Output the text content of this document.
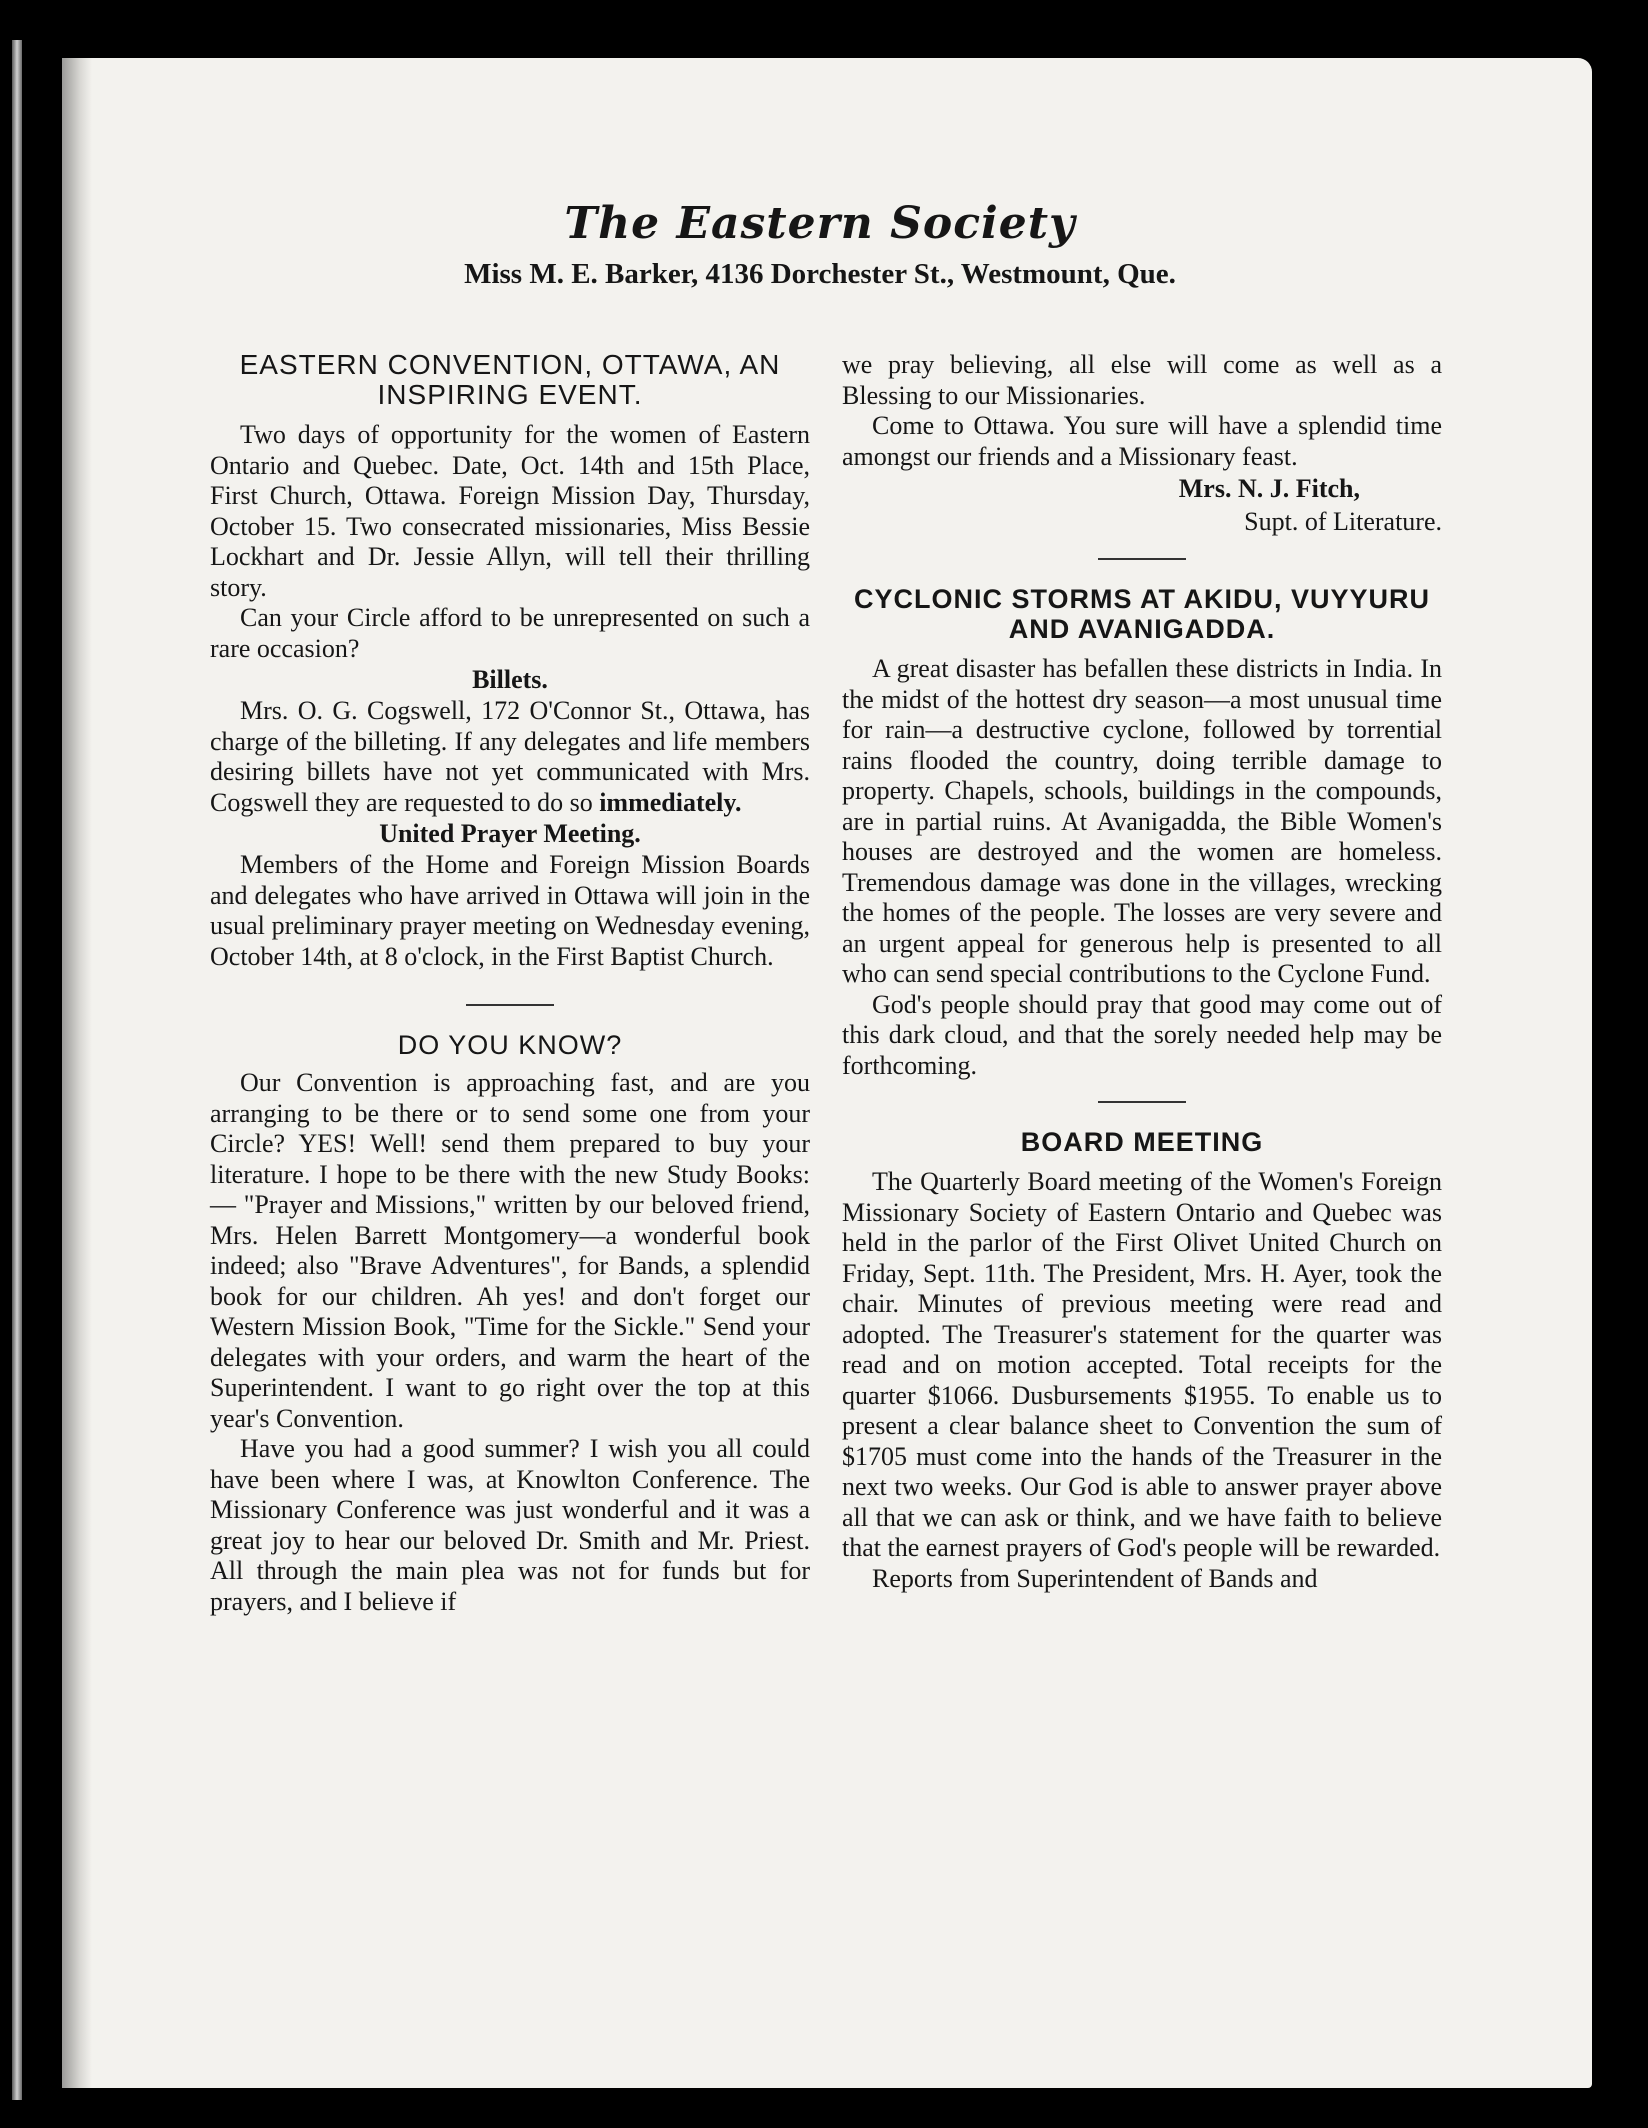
The Eastern Society
Miss M. E. Barker, 4136 Dorchester St., Westmount, Que.
EASTERN CONVENTION, OTTAWA, AN INSPIRING EVENT.

Two days of opportunity for the women of Eastern Ontario and Quebec. Date, Oct. 14th and 15th Place, First Church, Ottawa. Foreign Mission Day, Thursday, October 15. Two consecrated missionaries, Miss Bessie Lockhart and Dr. Jessie Allyn, will tell their thrilling story.

Can your Circle afford to be unrepresented on such a rare occasion?

Billets.

Mrs. O. G. Cogswell, 172 O'Connor St., Ottawa, has charge of the billeting. If any delegates and life members desiring billets have not yet communicated with Mrs. Cogswell they are requested to do so immediately.

United Prayer Meeting.

Members of the Home and Foreign Mission Boards and delegates who have arrived in Ottawa will join in the usual preliminary prayer meeting on Wednesday evening, October 14th, at 8 o'clock, in the First Baptist Church.

DO YOU KNOW?

Our Convention is approaching fast, and are you arranging to be there or to send some one from your Circle? YES! Well! send them prepared to buy your literature. I hope to be there with the new Study Books:— "Prayer and Missions," written by our beloved friend, Mrs. Helen Barrett Montgomery—a wonderful book indeed; also "Brave Adventures", for Bands, a splendid book for our children. Ah yes! and don't forget our Western Mission Book, "Time for the Sickle." Send your delegates with your orders, and warm the heart of the Superintendent. I want to go right over the top at this year's Convention.

Have you had a good summer? I wish you all could have been where I was, at Knowlton Conference. The Missionary Conference was just wonderful and it was a great joy to hear our beloved Dr. Smith and Mr. Priest. All through the main plea was not for funds but for prayers, and I believe if

we pray believing, all else will come as well as a Blessing to our Missionaries.

Come to Ottawa. You sure will have a splendid time amongst our friends and a Missionary feast.

Mrs. N. J. Fitch,
Supt. of Literature.
CYCLONIC STORMS AT AKIDU, VUYYURU AND AVANIGADDA.

A great disaster has befallen these districts in India. In the midst of the hottest dry season—a most unusual time for rain—a destructive cyclone, followed by torrential rains flooded the country, doing terrible damage to property. Chapels, schools, buildings in the compounds, are in partial ruins. At Avanigadda, the Bible Women's houses are destroyed and the women are homeless. Tremendous damage was done in the villages, wrecking the homes of the people. The losses are very severe and an urgent appeal for generous help is presented to all who can send special contributions to the Cyclone Fund.

God's people should pray that good may come out of this dark cloud, and that the sorely needed help may be forthcoming.

BOARD MEETING

The Quarterly Board meeting of the Women's Foreign Missionary Society of Eastern Ontario and Quebec was held in the parlor of the First Olivet United Church on Friday, Sept. 11th. The President, Mrs. H. Ayer, took the chair. Minutes of previous meeting were read and adopted. The Treasurer's statement for the quarter was read and on motion accepted. Total receipts for the quarter $1066. Dusbursements $1955. To enable us to present a clear balance sheet to Convention the sum of $1705 must come into the hands of the Treasurer in the next two weeks. Our God is able to answer prayer above all that we can ask or think, and we have faith to believe that the earnest prayers of God's people will be rewarded.

Reports from Superintendent of Bands and
